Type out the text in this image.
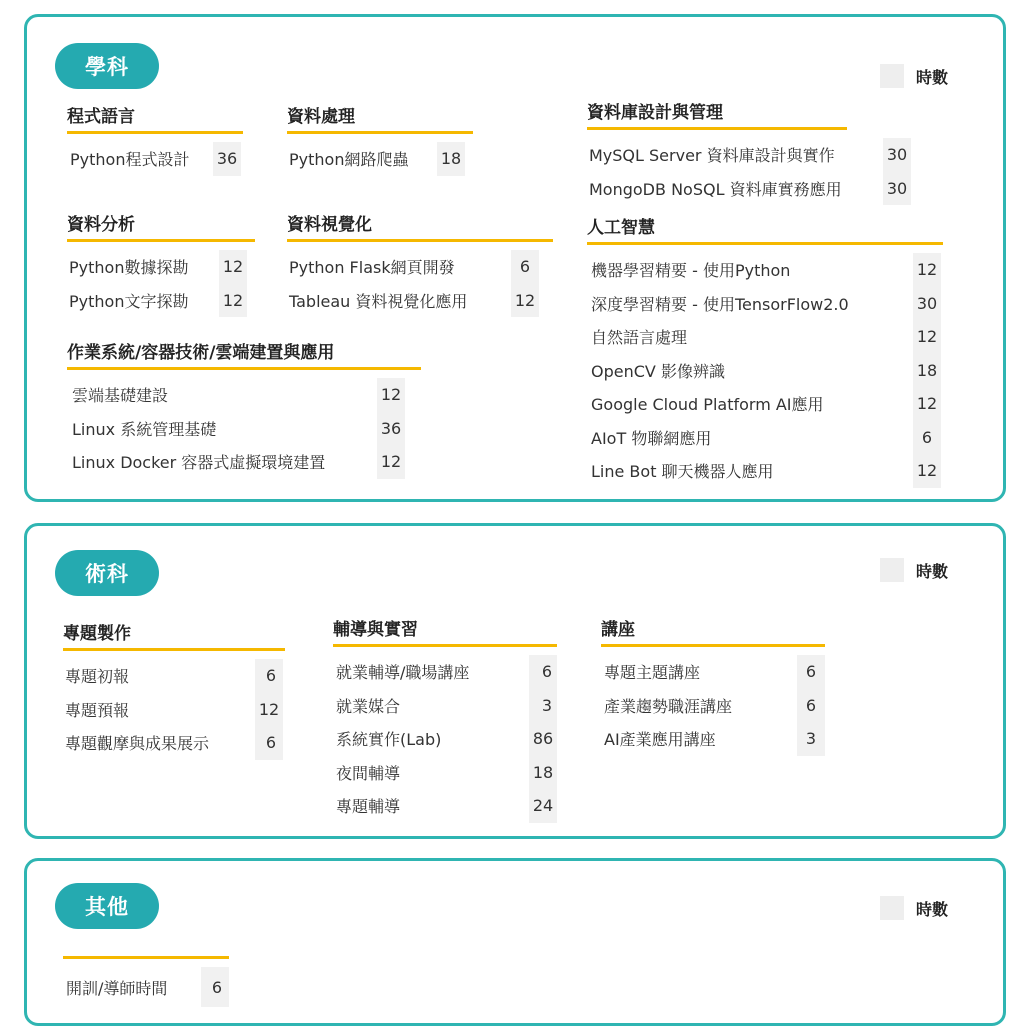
學科	時數
程式語言
Python程式設計 36
資料處理
Python網路爬蟲 18
資料庫設計與管理
MySQL Server 資料庫設計與實作	30
MongoDB NoSQL 資料庫實務應用	30
資料分析
Python數據探勘 12
Python文字探勘 12
資料視覺化
Python Flask網頁開發	6
Tableau 資料視覺化應用	12
人工智慧
機器學習精要 - 使用Python	12
深度學習精要 - 使用TensorFlow2.0	30
自然語言處理	12
OpenCV 影像辨識	18
Google Cloud Platform AI應用	12
AIoT 物聯網應用	6
Line Bot 聊天機器人應用	12
作業系統/容器技術/雲端建置與應用
雲端基礎建設	12
Linux 系統管理基礎	36
Linux Docker 容器式虛擬環境建置	12
術科	時數
專題製作
專題初報	6
專題預報	12
專題觀摩與成果展示	6
輔導與實習
就業輔導/職場講座	6
就業媒合	3
系統實作(Lab)	86
夜間輔導	18
專題輔導	24
講座
專題主題講座	6
產業趨勢職涯講座	6
AI產業應用講座	3
其他	時數
開訓/導師時間	6
